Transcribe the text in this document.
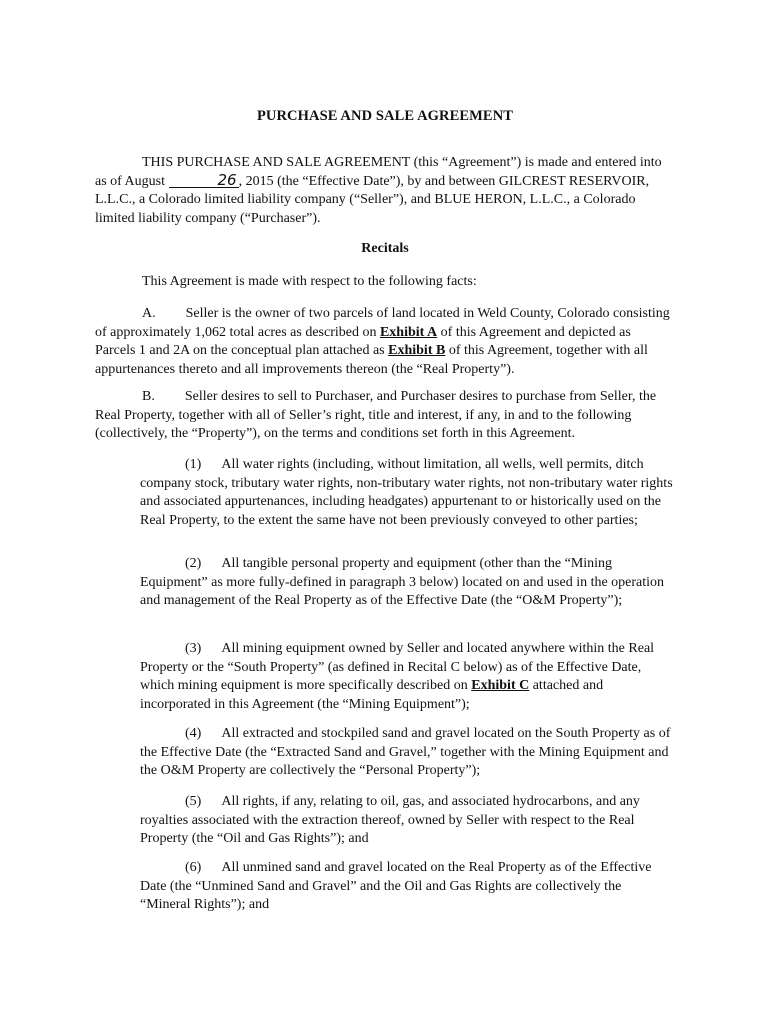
PURCHASE AND SALE AGREEMENT
THIS PURCHASE AND SALE AGREEMENT (this “Agreement”) is made and entered into as of August	26 , 2015 (the “Effective Date”), by and between GILCREST RESERVOIR, L.L.C., a Colorado limited liability company (“Seller”), and BLUE HERON, L.L.C., a Colorado limited liability company (“Purchaser”).
Recitals
This Agreement is made with respect to the following facts:
A. Seller is the owner of two parcels of land located in Weld County, Colorado consisting of approximately 1,062 total acres as described on Exhibit A of this Agreement and depicted as Parcels 1 and 2A on the conceptual plan attached as Exhibit B of this Agreement, together with all appurtenances thereto and all improvements thereon (the “Real Property”).
B. Seller desires to sell to Purchaser, and Purchaser desires to purchase from Seller, the Real Property, together with all of Seller’s right, title and interest, if any, in and to the following (collectively, the “Property”), on the terms and conditions set forth in this Agreement.
(1) All water rights (including, without limitation, all wells, well permits, ditch company stock, tributary water rights, non-tributary water rights, not non-tributary water rights and associated appurtenances, including headgates) appurtenant to or historically used on the Real Property, to the extent the same have not been previously conveyed to other parties;
(2) All tangible personal property and equipment (other than the “Mining Equipment” as more fully-defined in paragraph 3 below) located on and used in the operation and management of the Real Property as of the Effective Date (the “O&M Property”);
(3) All mining equipment owned by Seller and located anywhere within the Real Property or the “South Property” (as defined in Recital C below) as of the Effective Date, which mining equipment is more specifically described on Exhibit C attached and incorporated in this Agreement (the “Mining Equipment”);
(4) All extracted and stockpiled sand and gravel located on the South Property as of the Effective Date (the “Extracted Sand and Gravel,” together with the Mining Equipment and the O&M Property are collectively the “Personal Property”);
(5) All rights, if any, relating to oil, gas, and associated hydrocarbons, and any royalties associated with the extraction thereof, owned by Seller with respect to the Real Property (the “Oil and Gas Rights”); and
(6) All unmined sand and gravel located on the Real Property as of the Effective Date (the “Unmined Sand and Gravel” and the Oil and Gas Rights are collectively the “Mineral Rights”); and
